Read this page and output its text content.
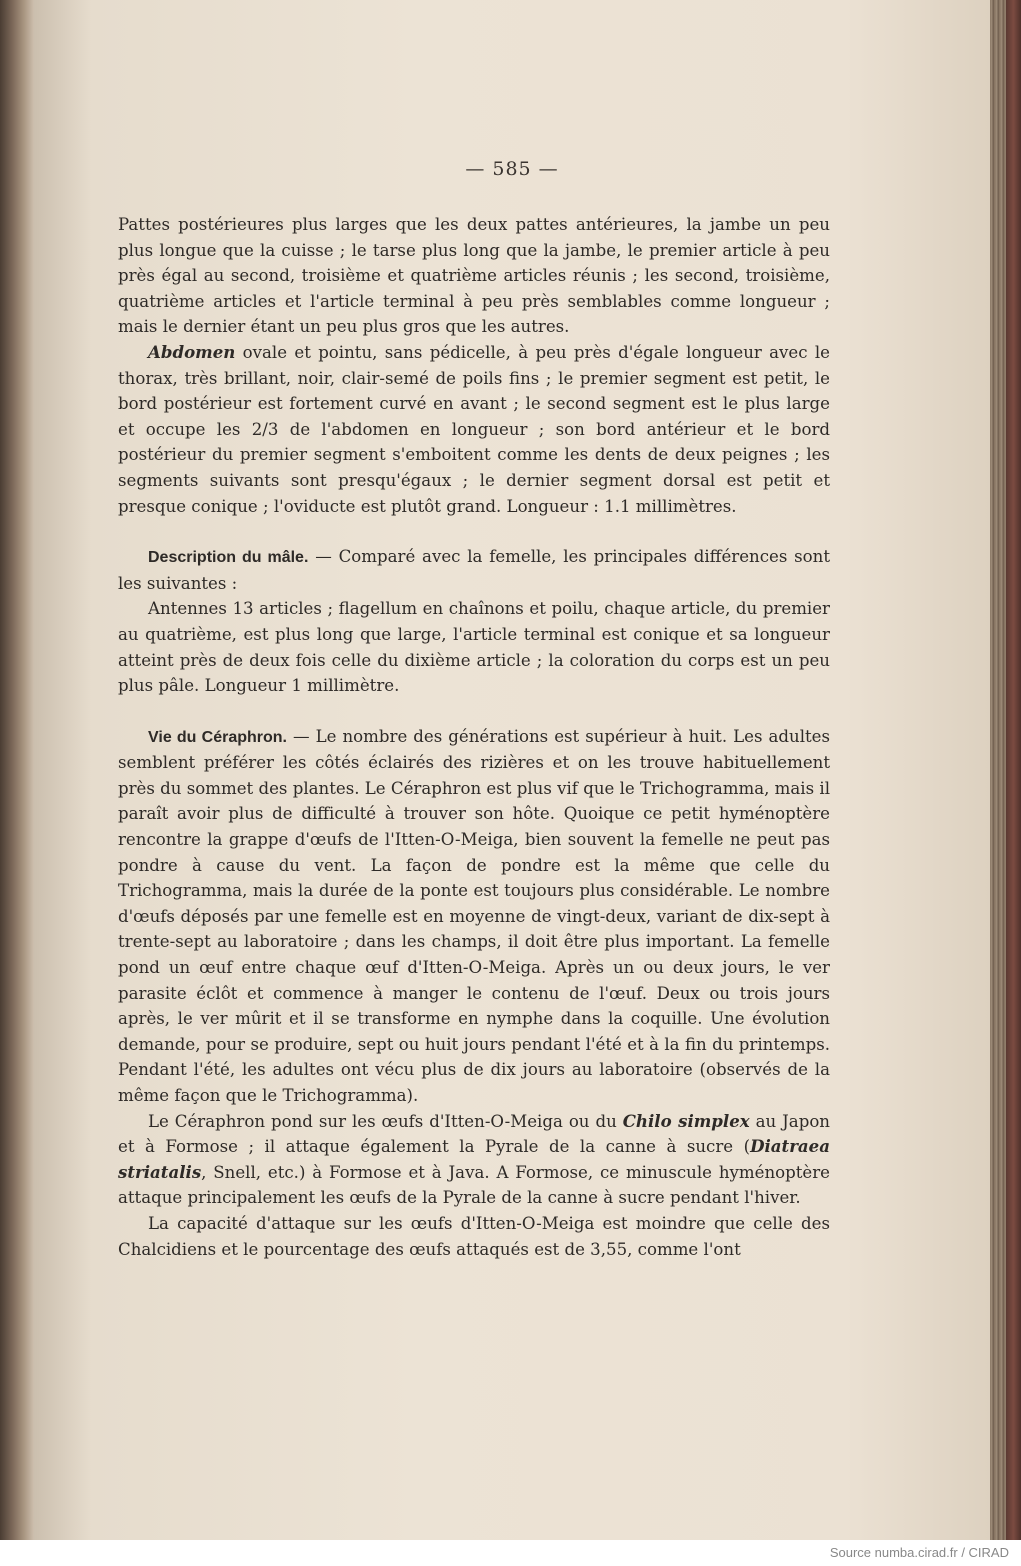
— 585 —

Pattes postérieures plus larges que les deux pattes antérieures, la jambe un peu plus longue que la cuisse ; le tarse plus long que la jambe, le premier article à peu près égal au second, troisième et quatrième articles réunis ; les second, troisième, quatrième articles et l'article terminal à peu près semblables comme longueur ; mais le dernier étant un peu plus gros que les autres.

Abdomen ovale et pointu, sans pédicelle, à peu près d'égale longueur avec le thorax, très brillant, noir, clair-semé de poils fins ; le premier segment est petit, le bord postérieur est fortement curvé en avant ; le second segment est le plus large et occupe les 2/3 de l'abdomen en longueur ; son bord antérieur et le bord postérieur du premier segment s'emboitent comme les dents de deux peignes ; les segments suivants sont presqu'égaux ; le dernier segment dorsal est petit et presque conique ; l'oviducte est plutôt grand. Longueur : 1.1 millimètres.

Description du mâle. — Comparé avec la femelle, les principales différences sont les suivantes :

Antennes 13 articles ; flagellum en chaînons et poilu, chaque article, du premier au quatrième, est plus long que large, l'article terminal est conique et sa longueur atteint près de deux fois celle du dixième article ; la coloration du corps est un peu plus pâle. Longueur 1 millimètre.

Vie du Céraphron. — Le nombre des générations est supérieur à huit. Les adultes semblent préférer les côtés éclairés des rizières et on les trouve habituellement près du sommet des plantes. Le Céraphron est plus vif que le Trichogramma, mais il paraît avoir plus de difficulté à trouver son hôte. Quoique ce petit hyménoptère rencontre la grappe d'œufs de l'Itten-O-Meiga, bien souvent la femelle ne peut pas pondre à cause du vent. La façon de pondre est la même que celle du Trichogramma, mais la durée de la ponte est toujours plus considérable. Le nombre d'œufs déposés par une femelle est en moyenne de vingt-deux, variant de dix-sept à trente-sept au laboratoire ; dans les champs, il doit être plus important. La femelle pond un œuf entre chaque œuf d'Itten-O-Meiga. Après un ou deux jours, le ver parasite éclôt et commence à manger le contenu de l'œuf. Deux ou trois jours après, le ver mûrit et il se transforme en nymphe dans la coquille. Une évolution demande, pour se produire, sept ou huit jours pendant l'été et à la fin du printemps. Pendant l'été, les adultes ont vécu plus de dix jours au laboratoire (observés de la même façon que le Trichogramma).

Le Céraphron pond sur les œufs d'Itten-O-Meiga ou du Chilo simplex au Japon et à Formose ; il attaque également la Pyrale de la canne à sucre (Diatraea striatalis, Snell, etc.) à Formose et à Java. A Formose, ce minuscule hyménoptère attaque principalement les œufs de la Pyrale de la canne à sucre pendant l'hiver.

La capacité d'attaque sur les œufs d'Itten-O-Meiga est moindre que celle des Chalcidiens et le pourcentage des œufs attaqués est de 3,55, comme l'ont

Source numba.cirad.fr / CIRAD
